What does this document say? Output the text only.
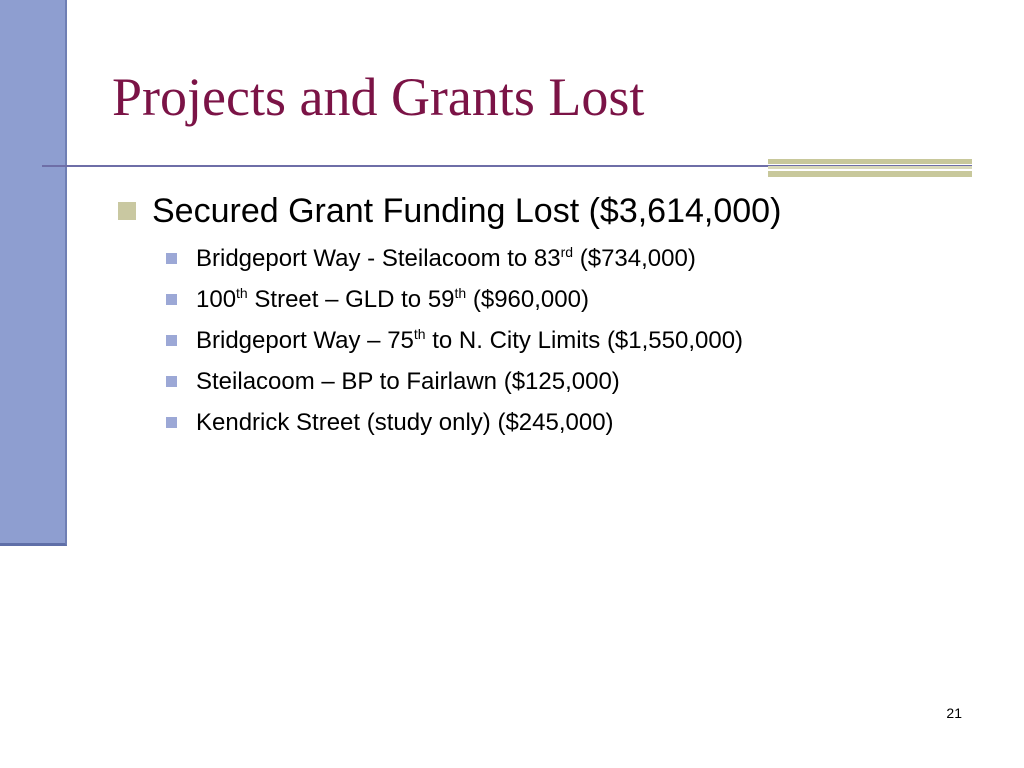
Projects and Grants Lost
Secured Grant Funding Lost ($3,614,000)
Bridgeport Way - Steilacoom to 83rd ($734,000)
100th Street – GLD to 59th ($960,000)
Bridgeport Way – 75th to N. City Limits ($1,550,000)
Steilacoom – BP to Fairlawn ($125,000)
Kendrick Street (study only) ($245,000)
21
